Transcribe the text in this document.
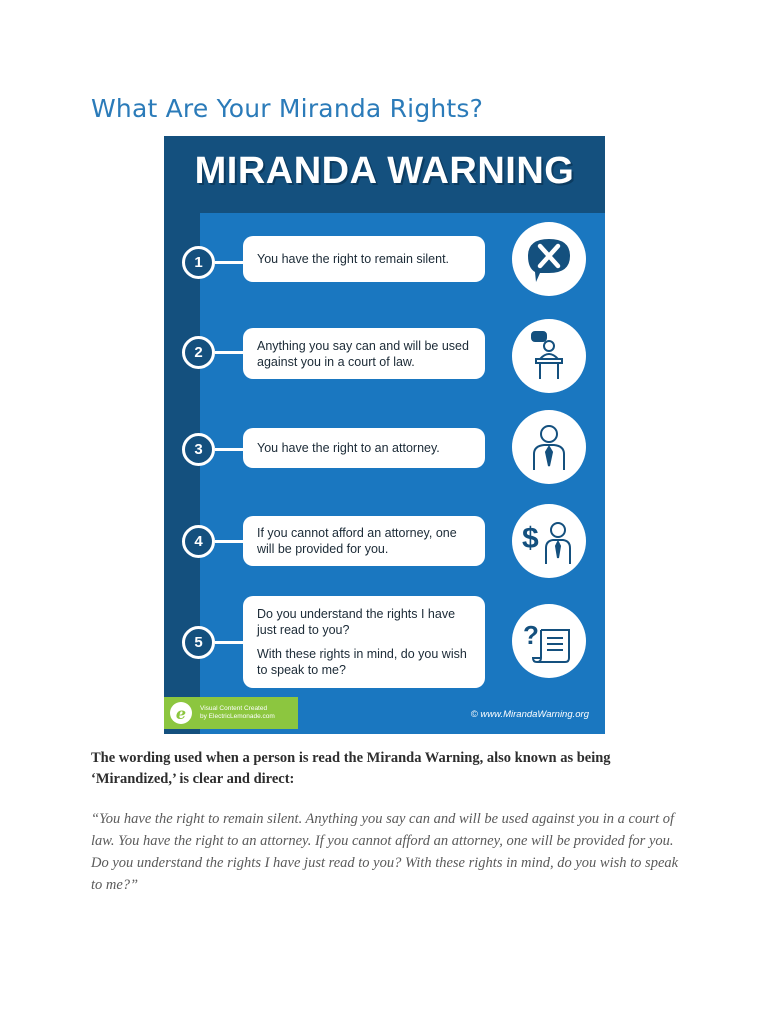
What Are Your Miranda Rights?
MIRANDA WARNING
1	You have the right to remain silent.

2	Anything you say can and will be used against you in a court of law.

3	You have the right to an attorney.

4	If you cannot afford an attorney, one will be provided for you.	$
5

Do you understand the rights I have just read to you?

With these rights in mind, do you wish to speak to me?

?
e	Visual Content Created
by ElectricLemonade.com	© www.MirandaWarning.org

The wording used when a person is read the Miranda Warning, also known as being ‘Mirandized,’ is clear and direct:

“You have the right to remain silent. Anything you say can and will be used against you in a court of law. You have the right to an attorney. If you cannot afford an attorney, one will be provided for you. Do you understand the rights I have just read to you? With these rights in mind, do you wish to speak to me?”
